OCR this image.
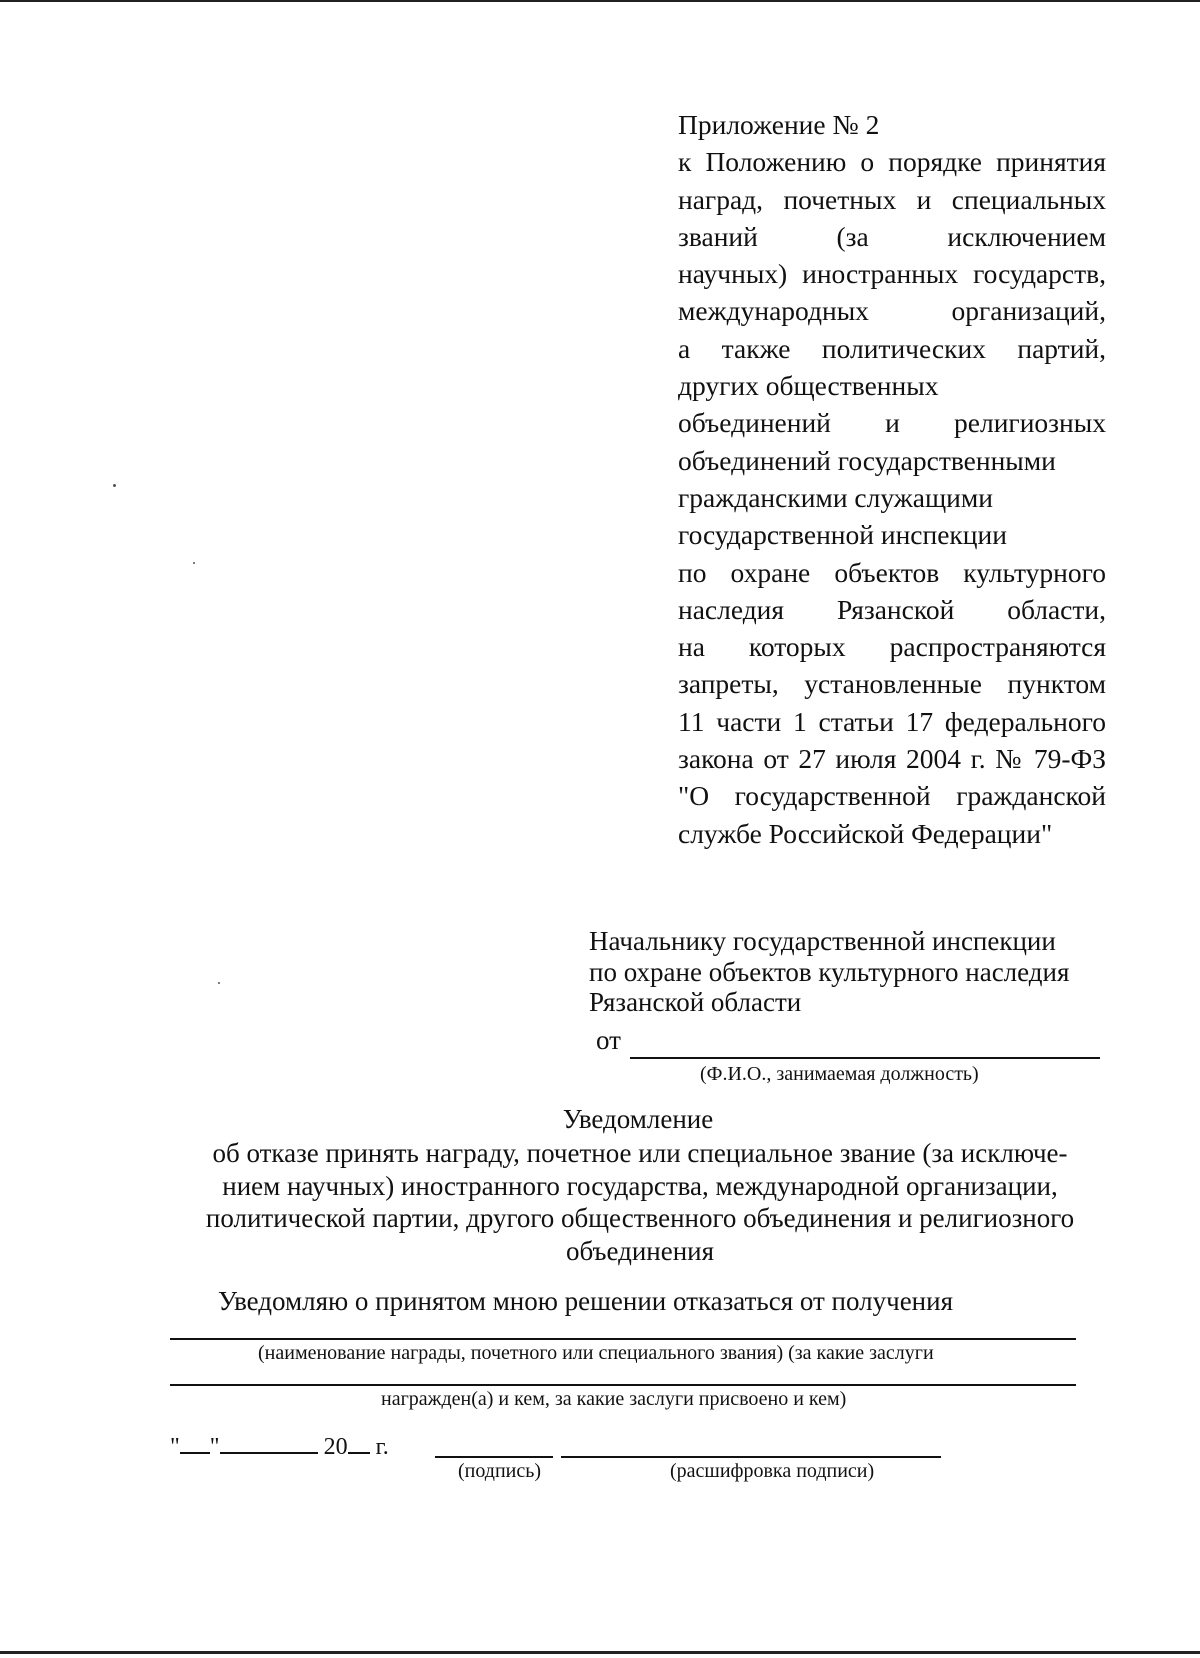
Приложение № 2
к Положению о порядке принятия
наград, почетных и специальных
званий (за исключением
научных) иностранных государств,
международных организаций,
а также политических партий,
других общественных
объединений и религиозных
объединений государственными
гражданскими служащими
государственной инспекции
по охране объектов культурного
наследия Рязанской области,
на которых распространяются
запреты, установленные пунктом
11 части 1 статьи 17 федерального
закона от 27 июля 2004 г. № 79-ФЗ
"О государственной гражданской
службе Российской Федерации"
Начальнику государственной инспекции
по охране объектов культурного наследия
Рязанской области
от
(Ф.И.О., занимаемая должность)
Уведомление
об отказе принять награду, почетное или специальное звание (за исключе-
нием научных) иностранного государства, международной организации,
политической партии, другого общественного объединения и религиозного
объединения
Уведомляю о принятом мною решении отказаться от получения
(наименование награды, почетного или специального звания) (за какие заслуги
награжден(а) и кем, за какие заслуги присвоено и кем)
" "	20 г.
(подпись)	(расшифровка подписи)
